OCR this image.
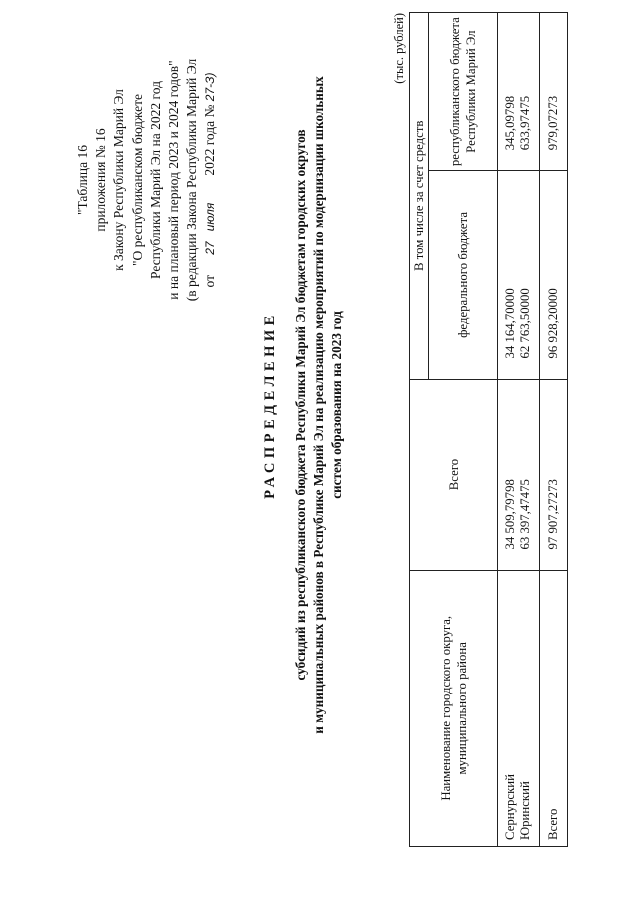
"Таблица 16 приложения № 16 к Закону Республики Марий Эл "О республиканском бюджете Республики Марий Эл на 2022 год и на плановый период 2023 и 2024 годов" (в редакции Закона Республики Марий Эл от      27   июля        2022 года № 27-З)
РАСПРЕДЕЛЕНИЕ субсидий из республиканского бюджета Республики Марий Эл бюджетам городских округов и муниципальных районов в Республике Марий Эл на реализацию мероприятий по модернизации школьных систем образования на 2023 год
(тыс. рублей)
Наименование городского округа, муниципального района	Всего	В том числе за счет средств	
		федерального бюджета	республиканского бюджета Республики Марий Эл
Сернурский	34 509,79798	34 164,70000	345,09798
Юринский	63 397,47475	62 763,50000	633,97475
Всего	97 907,27273	96 928,20000	979,07273
